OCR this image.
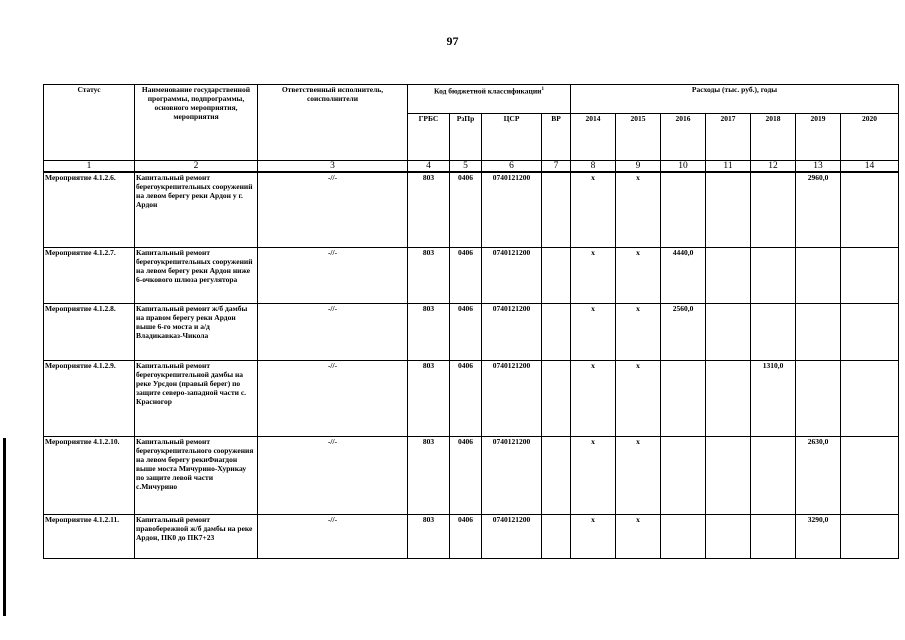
97
Статус	Наименование государственной программы, подпрограммы, основного мероприятия, мероприятия	Ответственный исполнитель, соисполнители	Код бюджетной классификации$^1$				Расходы (тыс. руб.), годы						
			ГРБС	РзПр	ЦСР	ВР	2014	2015	2016	2017	2018	2019	2020
1	2	3	4	5	6	7	8	9	10	11	12	13	14
Мероприятие 4.1.2.6.	Капитальный ремонт берегоукрепительных сооружений на левом берегу реки Ардон у г. Ардон	-//-	803	0406	0740121200		х	х				2960,0	
Мероприятие 4.1.2.7.	Капитальный ремонт берегоукрепительных сооружений на левом берегу реки Ардон ниже 6-очкового шлюза регулятора	-//-	803	0406	0740121200		х	х	4440,0				
Мероприятие 4.1.2.8.	Капитальный ремонт ж/б дамбы на правом берегу реки Ардон выше 6-го моста и а/д Владикавказ-Чикола	-//-	803	0406	0740121200		х	х	2560,0				
Мероприятие 4.1.2.9.	Капитальный ремонт берегоукрепительной дамбы на реке Урсдон (правый берег) по защите северо-западной части с. Красногор	-//-	803	0406	0740121200		х	х			1310,0		
Мероприятие 4.1.2.10.	Капитальный ремонт берегоукрепительного сооружения на левом берегу рекиФиагдон выше моста Мичурино-Хурикау по защите левой части с.Мичурино	-//-	803	0406	0740121200		х	х				2630,0	
Мероприятие 4.1.2.11.	Капитальный ремонт правобережной ж/б дамбы на реке Ардон, ПК0 до ПК7+23	-//-	803	0406	0740121200		х	х				3290,0	
